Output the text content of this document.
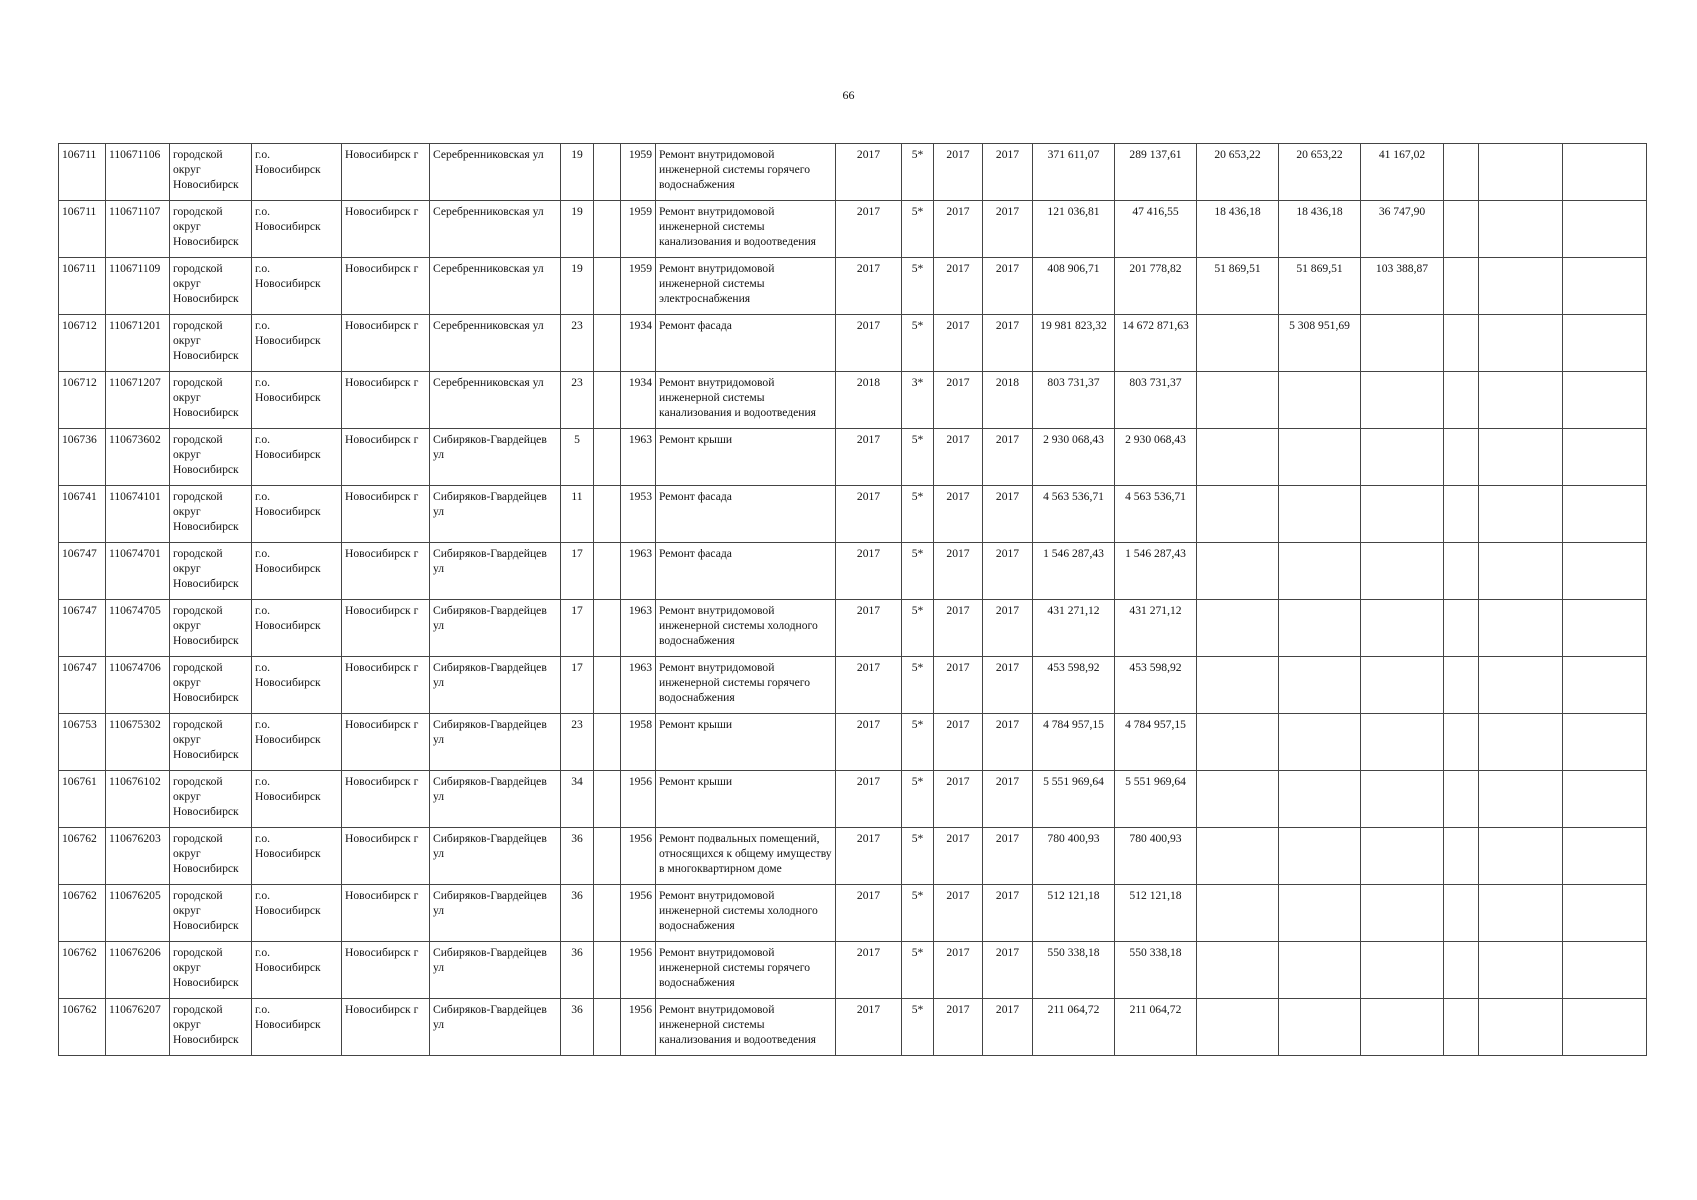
66
106711	110671106	городской округ Новосибирск	г.о. Новосибирск	Новосибирск г	Серебренниковская ул	19		1959	Ремонт внутридомовой инженерной системы горячего водоснабжения	2017	5*	2017	2017	371 611,07	289 137,61	20 653,22	20 653,22	41 167,02			
106711	110671107	городской округ Новосибирск	г.о. Новосибирск	Новосибирск г	Серебренниковская ул	19		1959	Ремонт внутридомовой инженерной системы канализования и водоотведения	2017	5*	2017	2017	121 036,81	47 416,55	18 436,18	18 436,18	36 747,90			
106711	110671109	городской округ Новосибирск	г.о. Новосибирск	Новосибирск г	Серебренниковская ул	19		1959	Ремонт внутридомовой инженерной системы электроснабжения	2017	5*	2017	2017	408 906,71	201 778,82	51 869,51	51 869,51	103 388,87			
106712	110671201	городской округ Новосибирск	г.о. Новосибирск	Новосибирск г	Серебренниковская ул	23		1934	Ремонт фасада	2017	5*	2017	2017	19 981 823,32	14 672 871,63		5 308 951,69				
106712	110671207	городской округ Новосибирск	г.о. Новосибирск	Новосибирск г	Серебренниковская ул	23		1934	Ремонт внутридомовой инженерной системы канализования и водоотведения	2018	3*	2017	2018	803 731,37	803 731,37						
106736	110673602	городской округ Новосибирск	г.о. Новосибирск	Новосибирск г	Сибиряков-Гвардейцев ул	5		1963	Ремонт крыши	2017	5*	2017	2017	2 930 068,43	2 930 068,43						
106741	110674101	городской округ Новосибирск	г.о. Новосибирск	Новосибирск г	Сибиряков-Гвардейцев ул	11		1953	Ремонт фасада	2017	5*	2017	2017	4 563 536,71	4 563 536,71						
106747	110674701	городской округ Новосибирск	г.о. Новосибирск	Новосибирск г	Сибиряков-Гвардейцев ул	17		1963	Ремонт фасада	2017	5*	2017	2017	1 546 287,43	1 546 287,43						
106747	110674705	городской округ Новосибирск	г.о. Новосибирск	Новосибирск г	Сибиряков-Гвардейцев ул	17		1963	Ремонт внутридомовой инженерной системы холодного водоснабжения	2017	5*	2017	2017	431 271,12	431 271,12						
106747	110674706	городской округ Новосибирск	г.о. Новосибирск	Новосибирск г	Сибиряков-Гвардейцев ул	17		1963	Ремонт внутридомовой инженерной системы горячего водоснабжения	2017	5*	2017	2017	453 598,92	453 598,92						
106753	110675302	городской округ Новосибирск	г.о. Новосибирск	Новосибирск г	Сибиряков-Гвардейцев ул	23		1958	Ремонт крыши	2017	5*	2017	2017	4 784 957,15	4 784 957,15						
106761	110676102	городской округ Новосибирск	г.о. Новосибирск	Новосибирск г	Сибиряков-Гвардейцев ул	34		1956	Ремонт крыши	2017	5*	2017	2017	5 551 969,64	5 551 969,64						
106762	110676203	городской округ Новосибирск	г.о. Новосибирск	Новосибирск г	Сибиряков-Гвардейцев ул	36		1956	Ремонт подвальных помещений, относящихся к общему имуществу в многоквартирном доме	2017	5*	2017	2017	780 400,93	780 400,93						
106762	110676205	городской округ Новосибирск	г.о. Новосибирск	Новосибирск г	Сибиряков-Гвардейцев ул	36		1956	Ремонт внутридомовой инженерной системы холодного водоснабжения	2017	5*	2017	2017	512 121,18	512 121,18						
106762	110676206	городской округ Новосибирск	г.о. Новосибирск	Новосибирск г	Сибиряков-Гвардейцев ул	36		1956	Ремонт внутридомовой инженерной системы горячего водоснабжения	2017	5*	2017	2017	550 338,18	550 338,18						
106762	110676207	городской округ Новосибирск	г.о. Новосибирск	Новосибирск г	Сибиряков-Гвардейцев ул	36		1956	Ремонт внутридомовой инженерной системы канализования и водоотведения	2017	5*	2017	2017	211 064,72	211 064,72						
